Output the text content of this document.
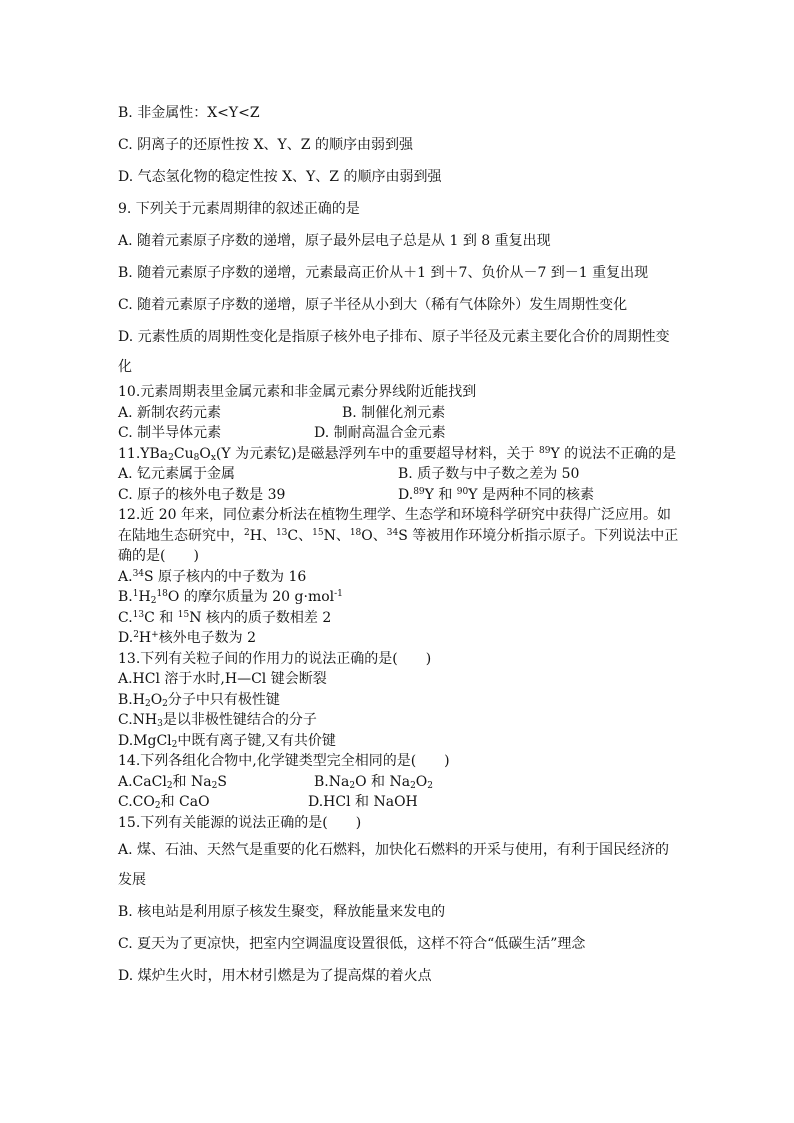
B. 非金属性：X<Y<Z
C. 阴离子的还原性按 X、Y、Z 的顺序由弱到强
D. 气态氢化物的稳定性按 X、Y、Z 的顺序由弱到强
9. 下列关于元素周期律的叙述正确的是
A. 随着元素原子序数的递增，原子最外层电子总是从 1 到 8 重复出现
B. 随着元素原子序数的递增，元素最高正价从＋1 到＋7、负价从－7 到－1 重复出现
C. 随着元素原子序数的递增，原子半径从小到大（稀有气体除外）发生周期性变化
D. 元素性质的周期性变化是指原子核外电子排布、原子半径及元素主要化合价的周期性变化
10.元素周期表里金属元素和非金属元素分界线附近能找到
A. 新制农药元素	B. 制催化剂元素
C. 制半导体元素	D. 制耐高温合金元素
$11.YBa_2Cu_8O_x(Y$ 为元素钇)是磁悬浮列车中的重要超导材料，关于 $^{89}$Y 的说法不正确的是
A. 钇元素属于金属	B. 质子数与中子数之差为 50
C. 原子的核外电子数是 39	D.$^{89}$Y 和 $^{90}$Y 是两种不同的核素
12.近 20 年来，同位素分析法在植物生理学、生态学和环境科学研究中获得广泛应用。如在陆地生态研究中，$^2$H、$^{13}$C、$^{15}$N、$^{18}$O、$^{34}$S 等被用作环境分析指示原子。下列说法中正确的是(　　)
A.$^{34}$S 原子核内的中子数为 16
$B.^1H_2^{18}O$ 的摩尔质量为 20 g·mol$^{-1}$
C.$^{13}$C 和 $^{15}$N 核内的质子数相差 2
D.$^2$H+核外电子数为 2
13.下列有关粒子间的作用力的说法正确的是(　　)
A.HCl 溶于水时,H—Cl 键会断裂
$B.H_2O_2$分子中只有极性键
$C.NH_3$是以非极性键结合的分子
D.MgCl$_2$中既有离子键,又有共价键
14.下列各组化合物中,化学键类型完全相同的是(　　)
A.CaCl$_2$和 $Na_2S$	$B.Na_2O$ 和 $Na_2O_2$
$C.CO_2$和 CaO	D.HCl 和 NaOH
15.下列有关能源的说法正确的是(　　)
A. 煤、石油、天然气是重要的化石燃料，加快化石燃料的开采与使用，有利于国民经济的发展
B. 核电站是利用原子核发生聚变，释放能量来发电的
C. 夏天为了更凉快，把室内空调温度设置很低，这样不符合“低碳生活”理念
D. 煤炉生火时，用木材引燃是为了提高煤的着火点
